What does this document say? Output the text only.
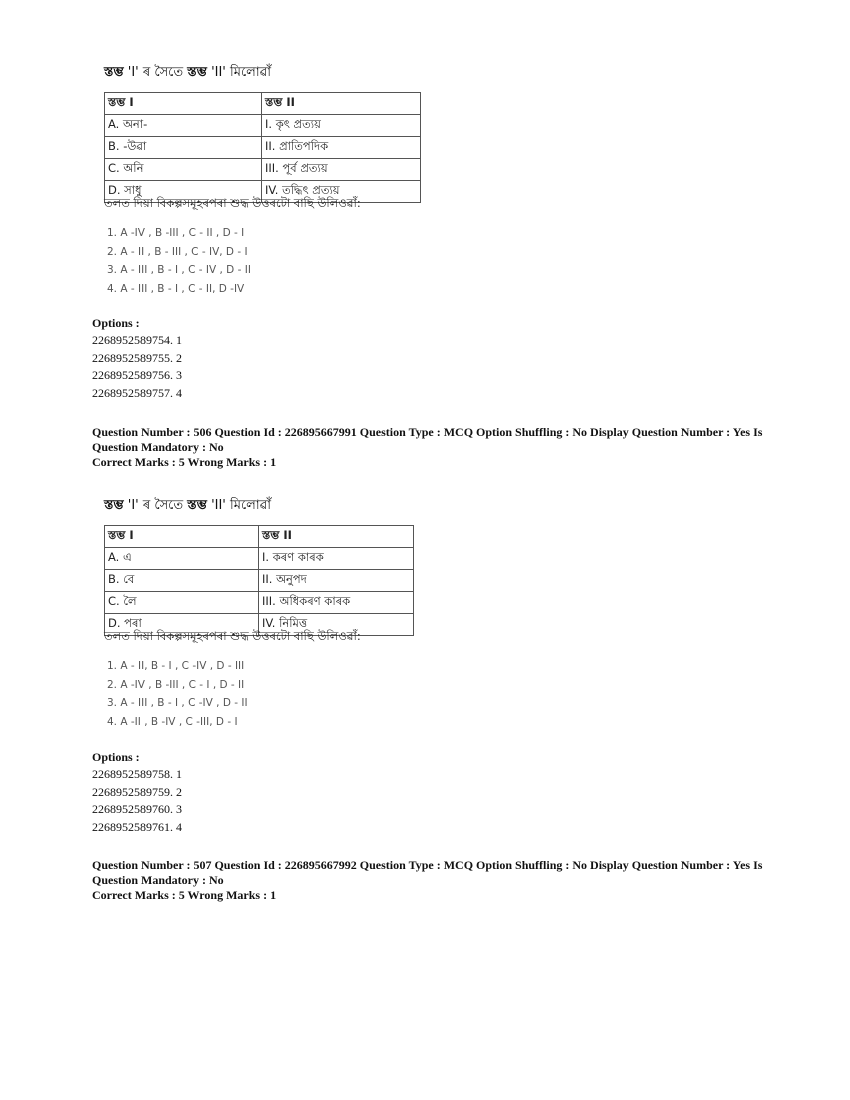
স্তম্ভ 'I' ৰ সৈতে স্তম্ভ 'II' মিলোৱাঁ
স্তম্ভ I	স্তম্ভ II
A. অনা-	I. কৃৎ প্ৰত্যয়
B. -উৱা	II. প্ৰাতিপদিক
C. অনি	III. পূৰ্ব প্ৰত্যয়
D. সাধু	IV. তদ্ধিৎ প্ৰত্যয়
তলত দিয়া বিকল্পসমূহৰপৰা শুদ্ধ উত্তৰটো বাছি উলিওৱাঁ:
1. A -IV , B -III , C - II , D - I
2. A - II , B - III , C - IV, D - I
3. A - III , B - I , C - IV , D - II
4. A - III , B - I , C - II, D -IV
Options :
2268952589754. 1
2268952589755. 2
2268952589756. 3
2268952589757. 4
Question Number : 506 Question Id : 226895667991 Question Type : MCQ Option Shuffling : No Display Question Number : Yes Is Question Mandatory : No
Correct Marks : 5 Wrong Marks : 1
স্তম্ভ 'I' ৰ সৈতে স্তম্ভ 'II' মিলোৱাঁ
স্তম্ভ I	স্তম্ভ II
A. এ	I. কৰণ কাৰক
B. বে	II. অনুপদ
C. লৈ	III. অধিকৰণ কাৰক
D. পৰা	IV. নিমিত্ত
তলত দিয়া বিকল্পসমূহৰপৰা শুদ্ধ উত্তৰটো বাছি উলিওৱাঁ:
1. A - II, B - I , C -IV , D - III
2. A -IV , B -III , C - I , D - II
3. A - III , B - I , C -IV , D - II
4. A -II , B -IV , C -III, D - I
Options :
2268952589758. 1
2268952589759. 2
2268952589760. 3
2268952589761. 4
Question Number : 507 Question Id : 226895667992 Question Type : MCQ Option Shuffling : No Display Question Number : Yes Is Question Mandatory : No
Correct Marks : 5 Wrong Marks : 1
